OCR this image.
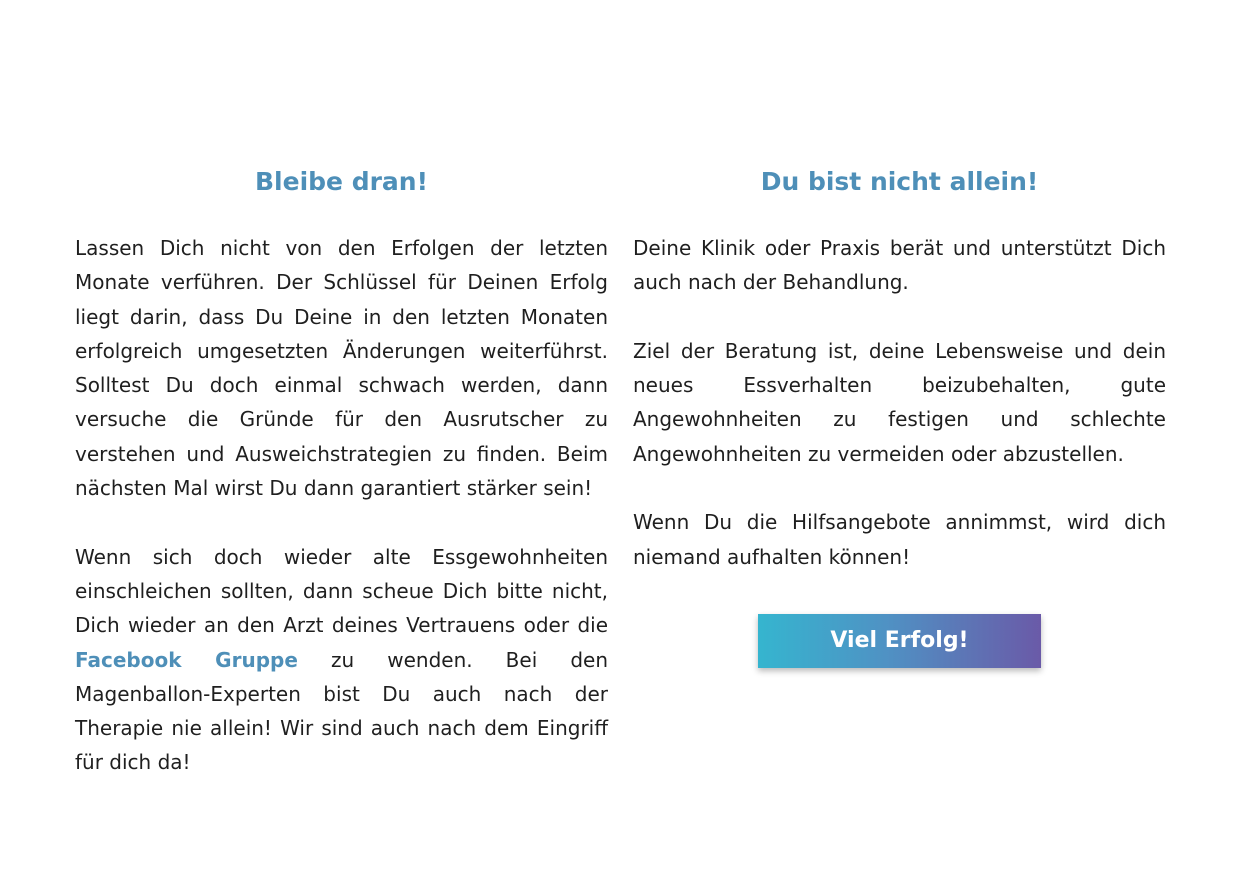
Bleibe dran!

Lassen Dich nicht von den Erfolgen der letzten Monate verführen. Der Schlüssel für Deinen Erfolg liegt darin, dass Du Deine in den letzten Monaten erfolgreich umgesetzten Änderungen weiterführst. Solltest Du doch einmal schwach werden, dann versuche die Gründe für den Ausrutscher zu verstehen und Ausweichstrategien zu finden. Beim nächsten Mal wirst Du dann garantiert stärker sein!

Wenn sich doch wieder alte Essgewohnheiten einschleichen sollten, dann scheue Dich bitte nicht, Dich wieder an den Arzt deines Vertrauens oder die Facebook Gruppe zu wenden. Bei den Magenballon-Experten bist Du auch nach der Therapie nie allein! Wir sind auch nach dem Eingriff für dich da!

Du bist nicht allein!

Deine Klinik oder Praxis berät und unterstützt Dich auch nach der Behandlung.

Ziel der Beratung ist, deine Lebensweise und dein neues Essverhalten beizubehalten, gute Angewohnheiten zu festigen und schlechte Angewohnheiten zu vermeiden oder abzustellen.

Wenn Du die Hilfsangebote annimmst, wird dich niemand aufhalten können!

Viel Erfolg!
